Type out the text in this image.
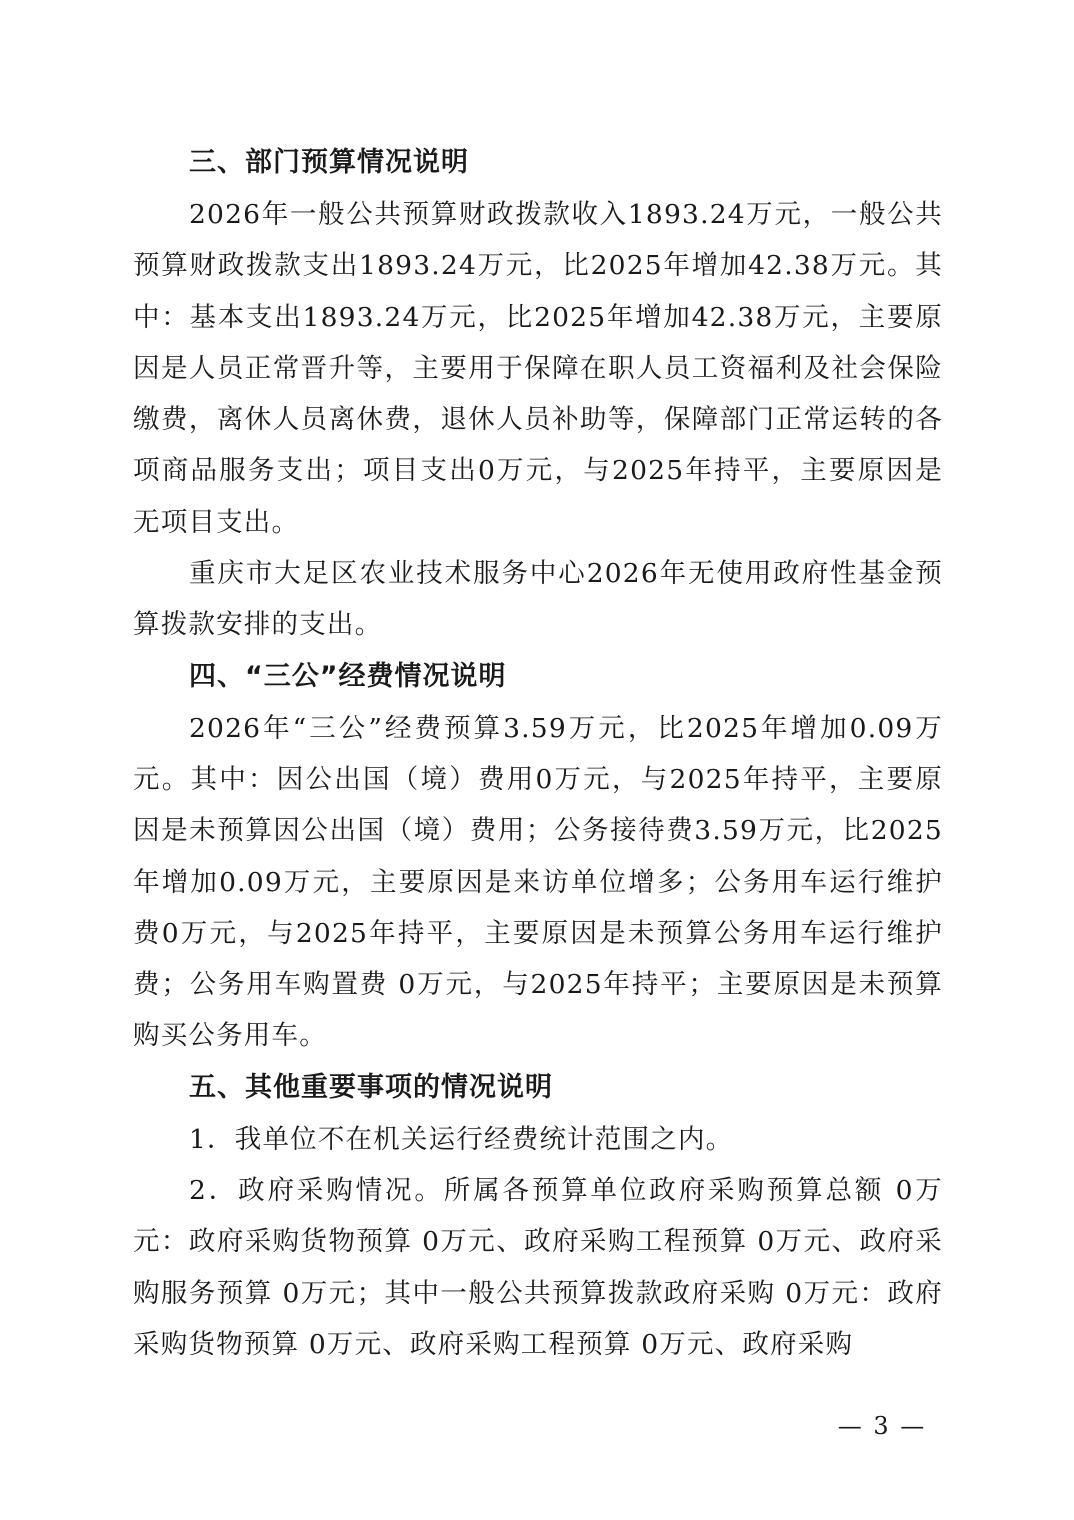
三、部门预算情况说明

2026年一般公共预算财政拨款收入1893.24万元，一般公共预算财政拨款支出1893.24万元，比2025年增加42.38万元。其中：基本支出1893.24万元，比2025年增加42.38万元，主要原因是人员正常晋升等，主要用于保障在职人员工资福利及社会保险缴费，离休人员离休费，退休人员补助等，保障部门正常运转的各项商品服务支出；项目支出0万元，与2025年持平，主要原因是无项目支出。

重庆市大足区农业技术服务中心2026年无使用政府性基金预算拨款安排的支出。

四、“三公”经费情况说明

2026年“三公”经费预算3.59万元，比2025年增加0.09万元。其中：因公出国（境）费用0万元，与2025年持平，主要原因是未预算因公出国（境）费用；公务接待费3.59万元，比2025年增加0.09万元，主要原因是来访单位增多；公务用车运行维护费0万元，与2025年持平，主要原因是未预算公务用车运行维护费；公务用车购置费 0万元，与2025年持平；主要原因是未预算购买公务用车。

五、其他重要事项的情况说明

1．我单位不在机关运行经费统计范围之内。

2．政府采购情况。所属各预算单位政府采购预算总额 0万元：政府采购货物预算 0万元、政府采购工程预算 0万元、政府采购服务预算 0万元；其中一般公共预算拨款政府采购 0万元：政府采购货物预算 0万元、政府采购工程预算 0万元、政府采购

— 3 —
